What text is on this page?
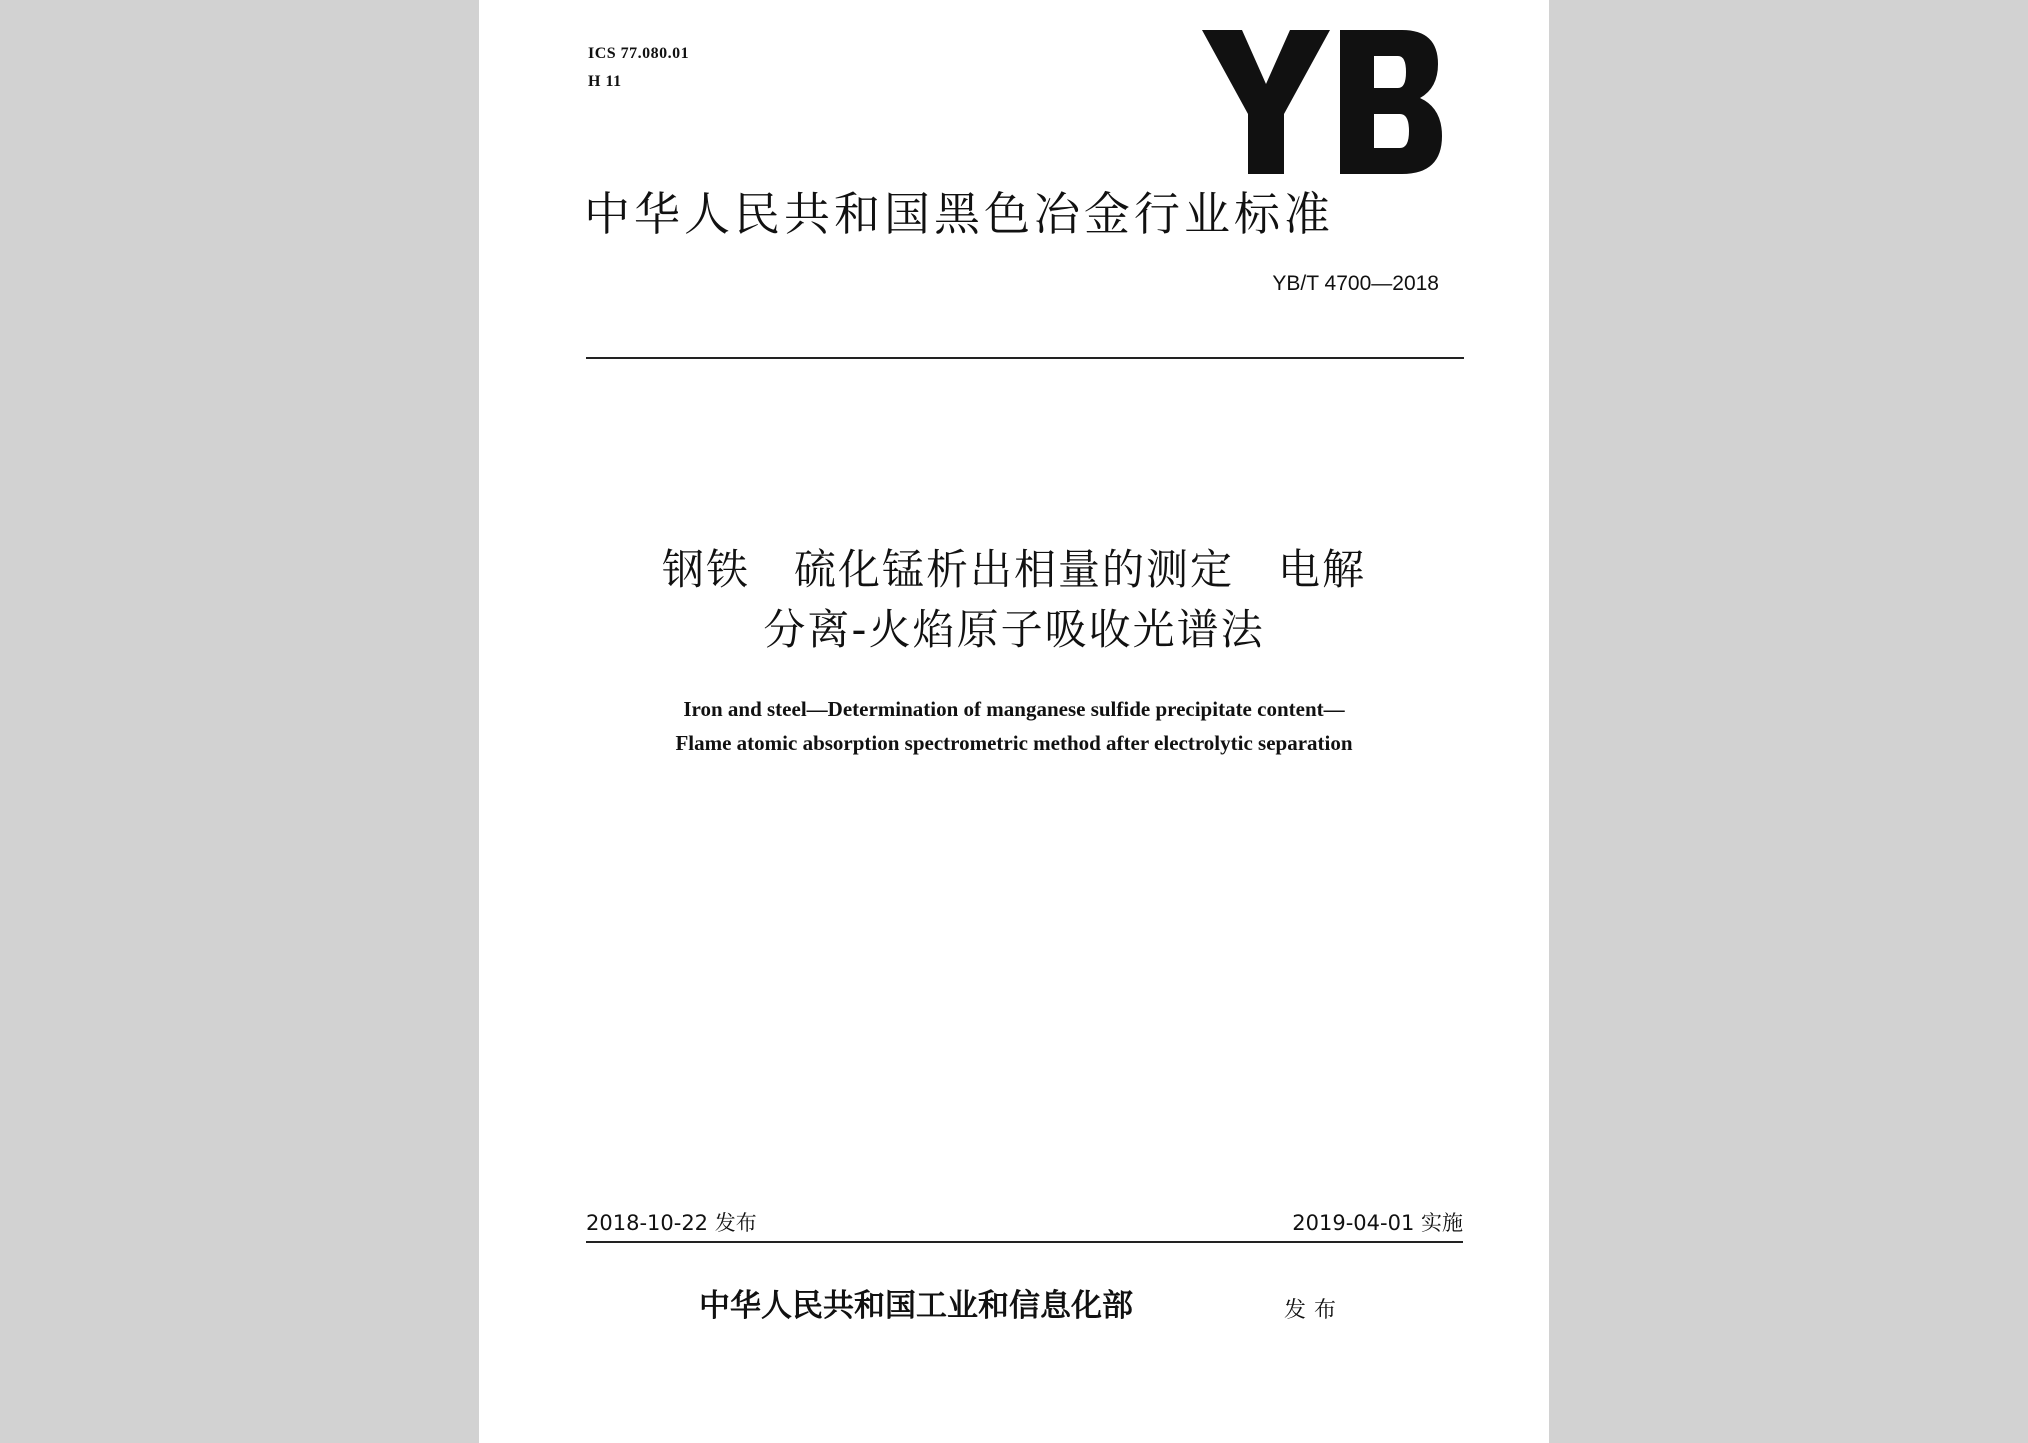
ICS 77.080.01
H 11
中华人民共和国黑色冶金行业标准
YB/T 4700—2018
钢铁　硫化锰析出相量的测定　电解
分离-火焰原子吸收光谱法
Iron and steel—Determination of manganese sulfide precipitate content—
Flame atomic absorption spectrometric method after electrolytic separation
2018-10-22 发布	2019-04-01 实施
中华人民共和国工业和信息化部	发布
